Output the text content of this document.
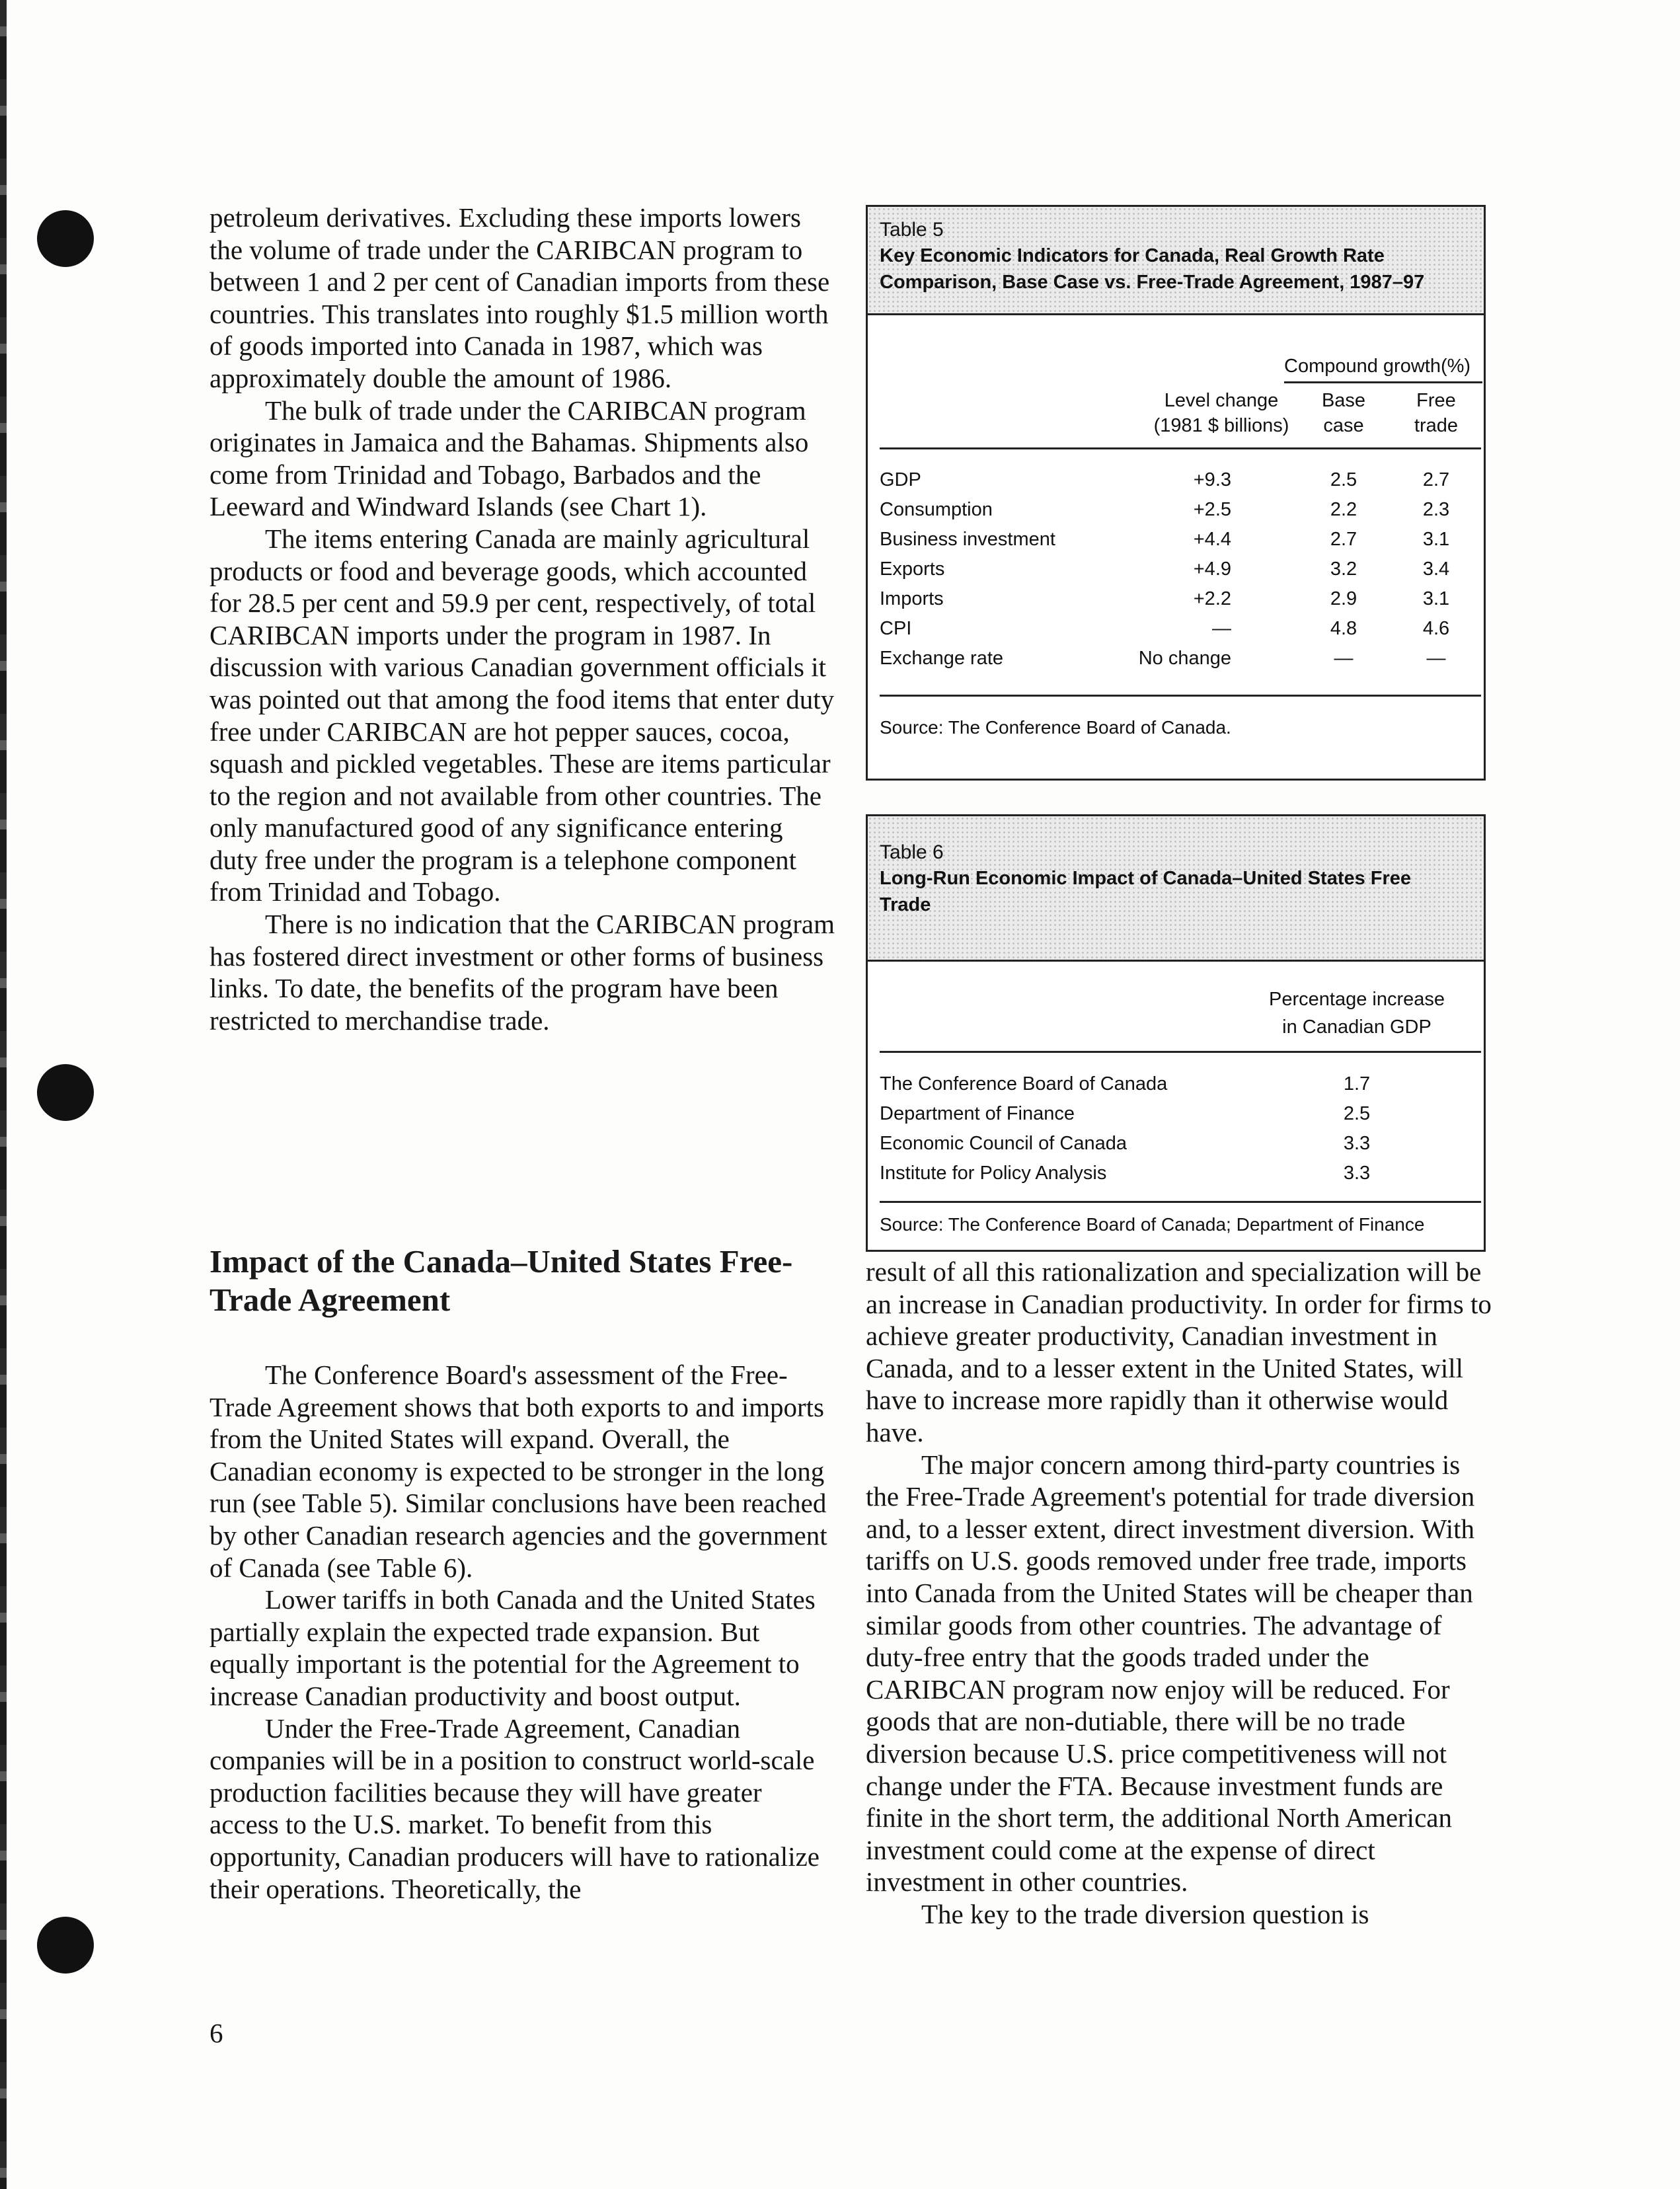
petroleum derivatives. Excluding these imports lowers the volume of trade under the CARIBCAN program to between 1 and 2 per cent of Canadian imports from these countries. This translates into roughly $1.5 million worth of goods imported into Canada in 1987, which was approximately double the amount of 1986.

The bulk of trade under the CARIBCAN program originates in Jamaica and the Bahamas. Shipments also come from Trinidad and Tobago, Barbados and the Leeward and Windward Islands (see Chart 1).

The items entering Canada are mainly agricultural products or food and beverage goods, which accounted for 28.5 per cent and 59.9 per cent, respectively, of total CARIBCAN imports under the program in 1987. In discussion with various Canadian government officials it was pointed out that among the food items that enter duty free under CARIBCAN are hot pepper sauces, cocoa, squash and pickled vegetables. These are items particular to the region and not available from other countries. The only manufactured good of any significance entering duty free under the program is a telephone component from Trinidad and Tobago.

There is no indication that the CARIBCAN program has fostered direct investment or other forms of business links. To date, the benefits of the program have been restricted to merchandise trade.

Impact of the Canada–United States Free-Trade Agreement

The Conference Board's assessment of the Free-Trade Agreement shows that both exports to and imports from the United States will expand. Overall, the Canadian economy is expected to be stronger in the long run (see Table 5). Similar conclusions have been reached by other Canadian research agencies and the government of Canada (see Table 6).

Lower tariffs in both Canada and the United States partially explain the expected trade expansion. But equally important is the potential for the Agreement to increase Canadian productivity and boost output.

Under the Free-Trade Agreement, Canadian companies will be in a position to construct world-scale production facilities because they will have greater access to the U.S. market. To benefit from this opportunity, Canadian producers will have to rationalize their operations. Theoretically, the

Table 5
Key Economic Indicators for Canada, Real Growth Rate Comparison, Base Case vs. Free-Trade Agreement, 1987–97
Compound growth(%)
Level change
(1981 $ billions)
Base
case
Free
trade
GDP	+9.3	2.5	2.7
Consumption	+2.5	2.2	2.3
Business investment	+4.4	2.7	3.1
Exports	+4.9	3.2	3.4
Imports	+2.2	2.9	3.1
CPI	—	4.8	4.6
Exchange rate	No change	—	—
Source: The Conference Board of Canada.
Table 6
Long-Run Economic Impact of Canada–United States Free Trade
Percentage increase
in Canadian GDP
The Conference Board of Canada	1.7
Department of Finance	2.5
Economic Council of Canada	3.3
Institute for Policy Analysis	3.3
Source: The Conference Board of Canada; Department of Finance

result of all this rationalization and specialization will be an increase in Canadian productivity. In order for firms to achieve greater productivity, Canadian investment in Canada, and to a lesser extent in the United States, will have to increase more rapidly than it otherwise would have.

The major concern among third-party countries is the Free-Trade Agreement's potential for trade diversion and, to a lesser extent, direct investment diversion. With tariffs on U.S. goods removed under free trade, imports into Canada from the United States will be cheaper than similar goods from other countries. The advantage of duty-free entry that the goods traded under the CARIBCAN program now enjoy will be reduced. For goods that are non-dutiable, there will be no trade diversion because U.S. price competitiveness will not change under the FTA. Because investment funds are finite in the short term, the additional North American investment could come at the expense of direct investment in other countries.

The key to the trade diversion question is

6
